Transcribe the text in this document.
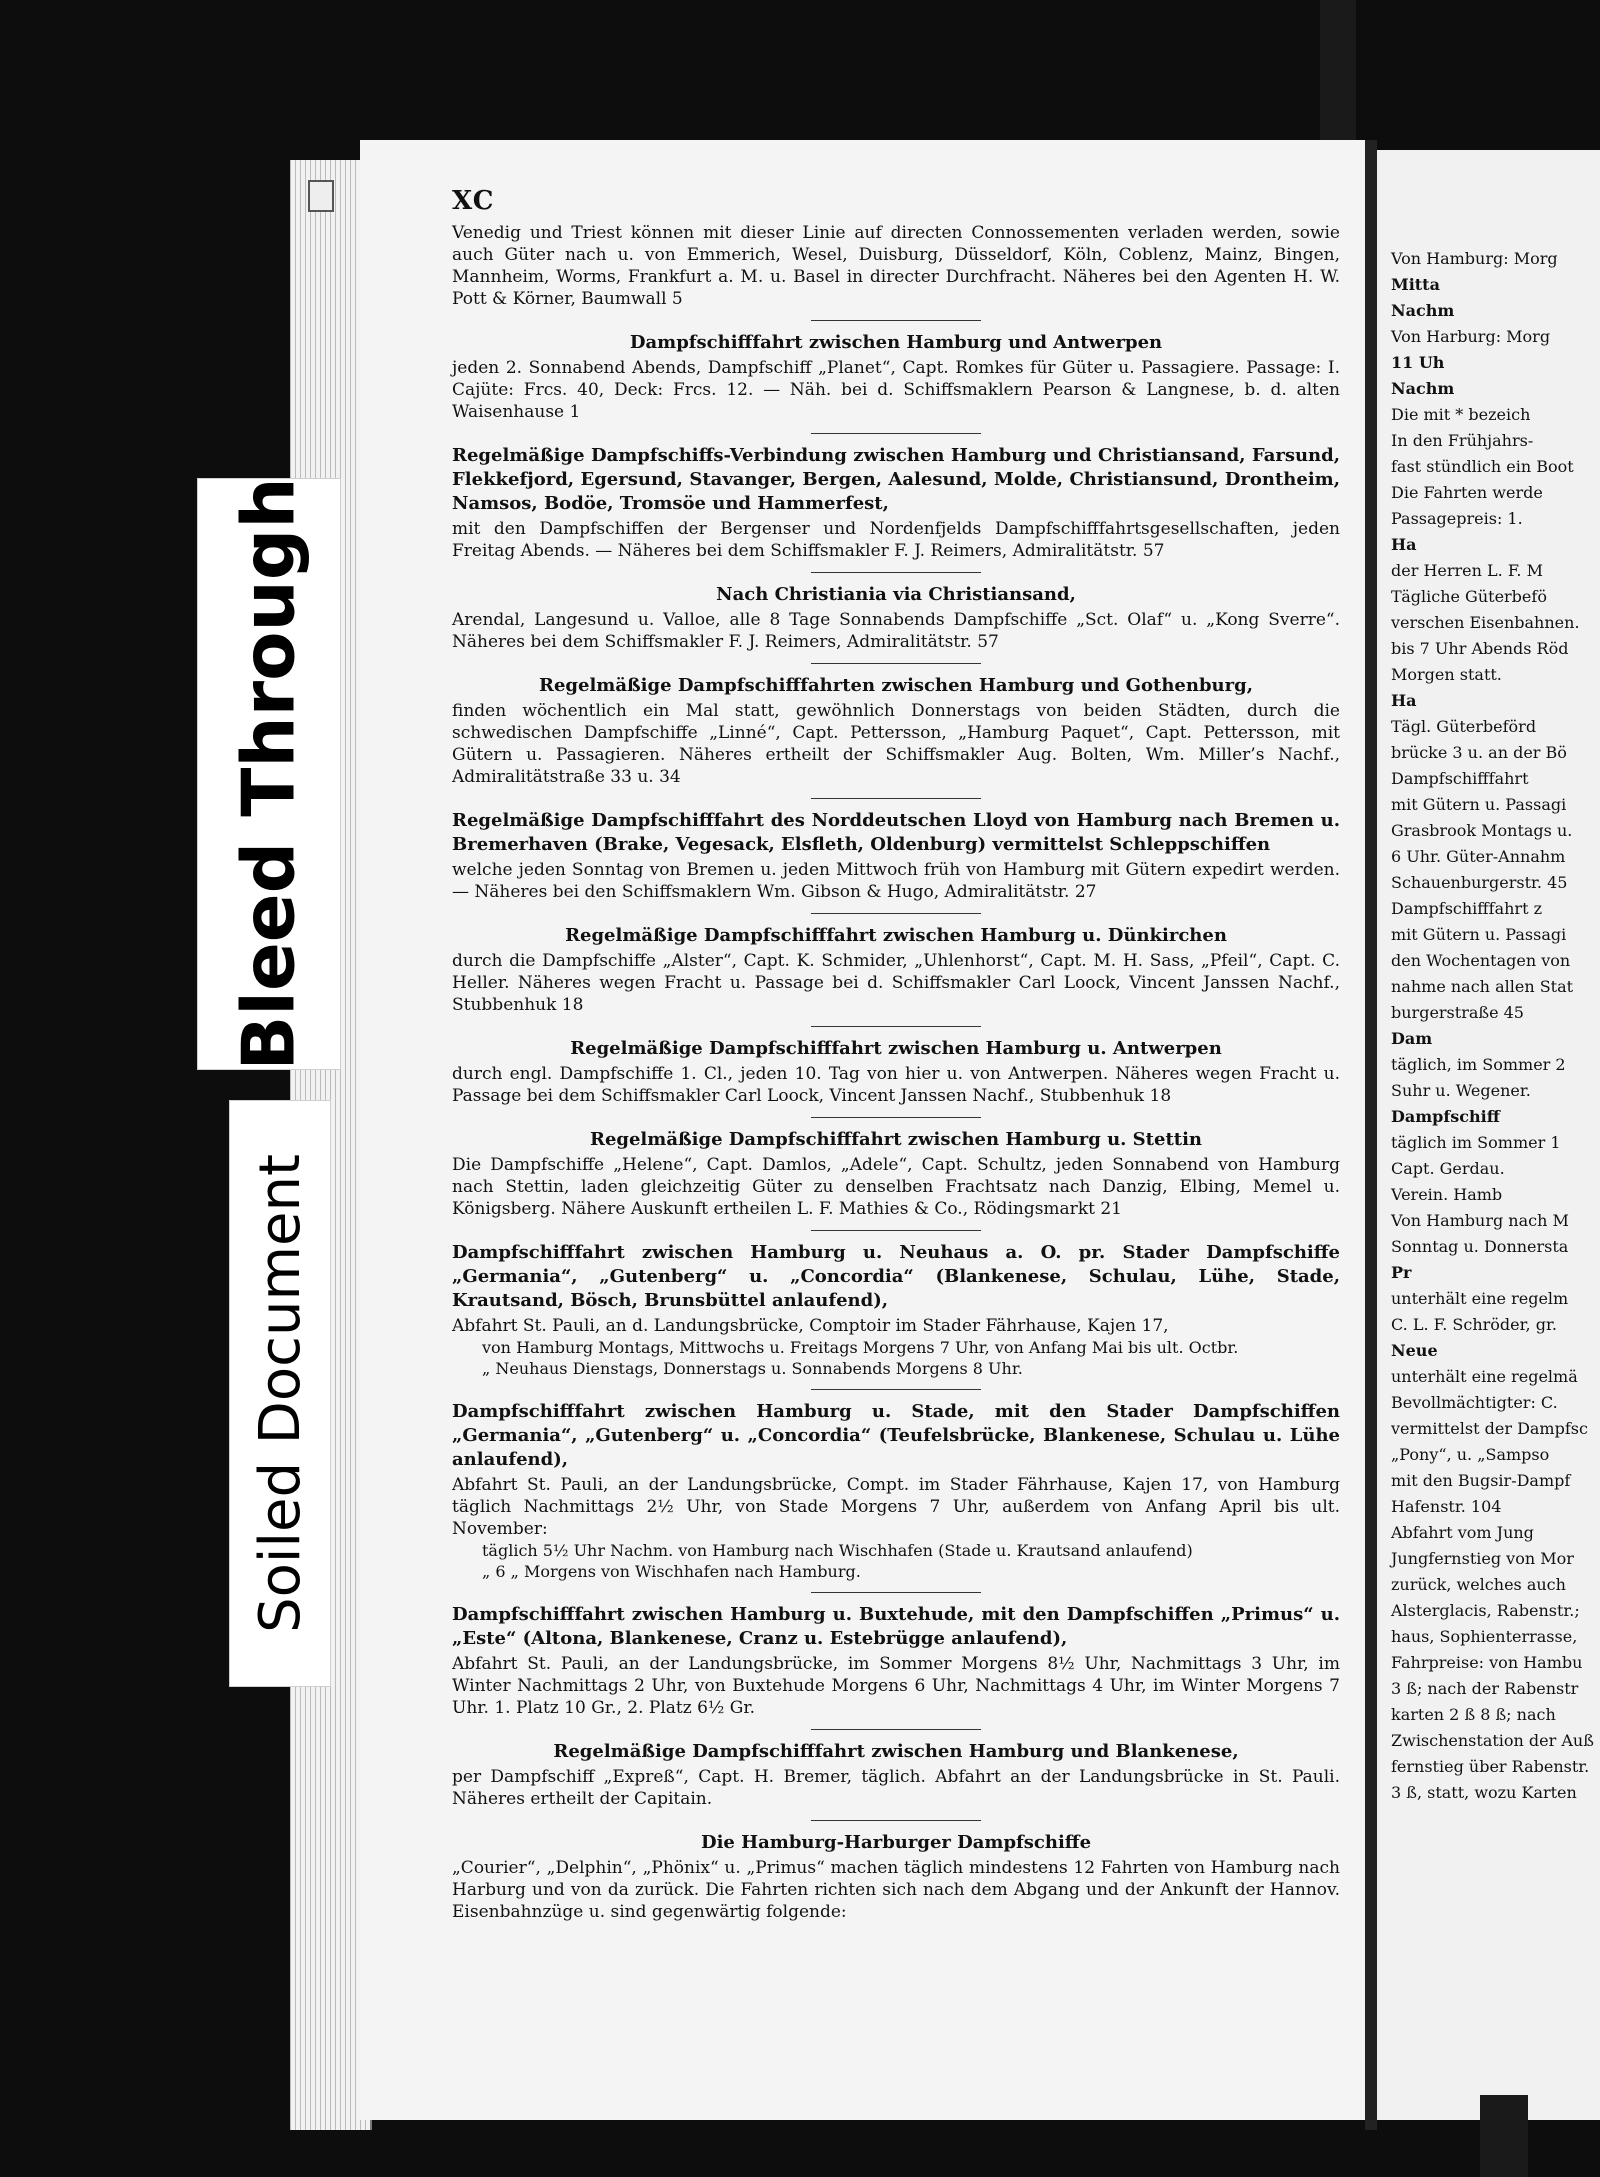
XC

Venedig und Triest können mit dieser Linie auf directen Connossementen verladen werden, sowie auch Güter nach u. von Emmerich, Wesel, Duisburg, Düsseldorf, Köln, Coblenz, Mainz, Bingen, Mannheim, Worms, Frankfurt a. M. u. Basel in directer Durchfracht. Näheres bei den Agenten H. W. Pott & Körner, Baumwall 5

Dampfschifffahrt zwischen Hamburg und Antwerpen

jeden 2. Sonnabend Abends, Dampfschiff „Planet“, Capt. Romkes für Güter u. Passagiere. Passage: I. Cajüte: Frcs. 40, Deck: Frcs. 12. — Näh. bei d. Schiffsmaklern Pearson & Langnese, b. d. alten Waisenhause 1

Regelmäßige Dampfschiffs-Verbindung zwischen Hamburg und Christiansand, Farsund, Flekkefjord, Egersund, Stavanger, Bergen, Aalesund, Molde, Christiansund, Drontheim, Namsos, Bodöe, Tromsöe und Hammerfest,

mit den Dampfschiffen der Bergenser und Nordenfjelds Dampfschifffahrtsgesellschaften, jeden Freitag Abends. — Näheres bei dem Schiffsmakler F. J. Reimers, Admiralitätstr. 57

Nach Christiania via Christiansand,

Arendal, Langesund u. Valloe, alle 8 Tage Sonnabends Dampfschiffe „Sct. Olaf“ u. „Kong Sverre“. Näheres bei dem Schiffsmakler F. J. Reimers, Admiralitätstr. 57

Regelmäßige Dampfschifffahrten zwischen Hamburg und Gothenburg,

finden wöchentlich ein Mal statt, gewöhnlich Donnerstags von beiden Städten, durch die schwedischen Dampfschiffe „Linné“, Capt. Pettersson, „Hamburg Paquet“, Capt. Pettersson, mit Gütern u. Passagieren. Näheres ertheilt der Schiffsmakler Aug. Bolten, Wm. Miller’s Nachf., Admiralitätstraße 33 u. 34

Regelmäßige Dampfschifffahrt des Norddeutschen Lloyd von Hamburg nach Bremen u. Bremerhaven (Brake, Vegesack, Elsfleth, Oldenburg) vermittelst Schleppschiffen

welche jeden Sonntag von Bremen u. jeden Mittwoch früh von Hamburg mit Gütern expedirt werden. — Näheres bei den Schiffsmaklern Wm. Gibson & Hugo, Admiralitätstr. 27

Regelmäßige Dampfschifffahrt zwischen Hamburg u. Dünkirchen

durch die Dampfschiffe „Alster“, Capt. K. Schmider, „Uhlenhorst“, Capt. M. H. Sass, „Pfeil“, Capt. C. Heller. Näheres wegen Fracht u. Passage bei d. Schiffsmakler Carl Loock, Vincent Janssen Nachf., Stubbenhuk 18

Regelmäßige Dampfschifffahrt zwischen Hamburg u. Antwerpen

durch engl. Dampfschiffe 1. Cl., jeden 10. Tag von hier u. von Antwerpen. Näheres wegen Fracht u. Passage bei dem Schiffsmakler Carl Loock, Vincent Janssen Nachf., Stubbenhuk 18

Regelmäßige Dampfschifffahrt zwischen Hamburg u. Stettin

Die Dampfschiffe „Helene“, Capt. Damlos, „Adele“, Capt. Schultz, jeden Sonnabend von Hamburg nach Stettin, laden gleichzeitig Güter zu denselben Frachtsatz nach Danzig, Elbing, Memel u. Königsberg. Nähere Auskunft ertheilen L. F. Mathies & Co., Rödingsmarkt 21

Dampfschifffahrt zwischen Hamburg u. Neuhaus a. O. pr. Stader Dampfschiffe „Germania“, „Gutenberg“ u. „Concordia“ (Blankenese, Schulau, Lühe, Stade, Krautsand, Bösch, Brunsbüttel anlaufend),

Abfahrt St. Pauli, an d. Landungsbrücke, Comptoir im Stader Fährhause, Kajen 17,

von Hamburg Montags, Mittwochs u. Freitags Morgens 7 Uhr, von Anfang Mai bis ult. Octbr.
„ Neuhaus Dienstags, Donnerstags u. Sonnabends Morgens 8 Uhr.
Dampfschifffahrt zwischen Hamburg u. Stade, mit den Stader Dampfschiffen „Germania“, „Gutenberg“ u. „Concordia“ (Teufelsbrücke, Blankenese, Schulau u. Lühe anlaufend),

Abfahrt St. Pauli, an der Landungsbrücke, Compt. im Stader Fährhause, Kajen 17, von Hamburg täglich Nachmittags 2½ Uhr, von Stade Morgens 7 Uhr, außerdem von Anfang April bis ult. November:

täglich 5½ Uhr Nachm. von Hamburg nach Wischhafen (Stade u. Krautsand anlaufend)
„ 6 „ Morgens von Wischhafen nach Hamburg.
Dampfschifffahrt zwischen Hamburg u. Buxtehude, mit den Dampfschiffen „Primus“ u. „Este“ (Altona, Blankenese, Cranz u. Estebrügge anlaufend),

Abfahrt St. Pauli, an der Landungsbrücke, im Sommer Morgens 8½ Uhr, Nachmittags 3 Uhr, im Winter Nachmittags 2 Uhr, von Buxtehude Morgens 6 Uhr, Nachmittags 4 Uhr, im Winter Morgens 7 Uhr. 1. Platz 10 Gr., 2. Platz 6½ Gr.

Regelmäßige Dampfschifffahrt zwischen Hamburg und Blankenese,

per Dampfschiff „Expreß“, Capt. H. Bremer, täglich. Abfahrt an der Landungsbrücke in St. Pauli. Näheres ertheilt der Capitain.

Die Hamburg-Harburger Dampfschiffe

„Courier“, „Delphin“, „Phönix“ u. „Primus“ machen täglich mindestens 12 Fahrten von Hamburg nach Harburg und von da zurück. Die Fahrten richten sich nach dem Abgang und der Ankunft der Hannov. Eisenbahnzüge u. sind gegenwärtig folgende:

Von Hamburg: Morg
Mitta
Nachm
Von Harburg: Morg
11 Uh
Nachm
Die mit * bezeich
In den Frühjahrs-
fast stündlich ein Boot
Die Fahrten werde
Passagepreis: 1.
Ha
der Herren L. F. M
Tägliche Güterbefö
verschen Eisenbahnen.
bis 7 Uhr Abends Röd
Morgen statt.
Ha
Tägl. Güterbeförd
brücke 3 u. an der Bö
Dampfschifffahrt
mit Gütern u. Passagi
Grasbrook Montags u.
6 Uhr. Güter-Annahm
Schauenburgerstr. 45
Dampfschifffahrt z
mit Gütern u. Passagi
den Wochentagen von
nahme nach allen Stat
burgerstraße 45
Dam
täglich, im Sommer 2
Suhr u. Wegener.
Dampfschiff
täglich im Sommer 1
Capt. Gerdau.
Verein. Hamb
Von Hamburg nach M
Sonntag u. Donnersta
Pr
unterhält eine regelm
C. L. F. Schröder, gr.
Neue
unterhält eine regelmä
Bevollmächtigter: C.
vermittelst der Dampfsc
„Pony“, u. „Sampso
mit den Bugsir-Dampf
Hafenstr. 104
Abfahrt vom Jung
Jungfernstieg von Mor
zurück, welches auch
Alsterglacis, Rabenstr.;
haus, Sophienterrasse,
Fahrpreise: von Hambu
3 ß; nach der Rabenstr
karten 2 ß 8 ß; nach
Zwischenstation der Auß
fernstieg über Rabenstr.
3 ß, statt, wozu Karten
Bleed Through
Soiled Document
